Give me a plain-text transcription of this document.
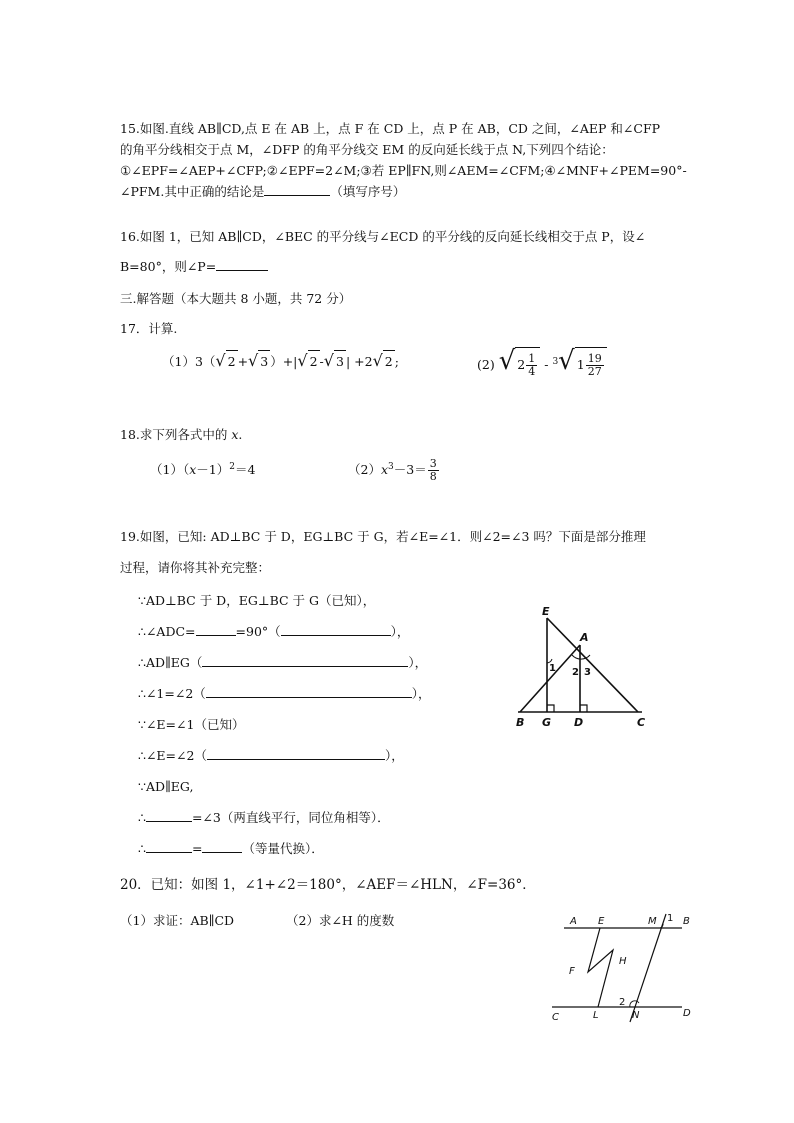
15.如图.直线 AB∥CD,点 E 在 AB 上，点 F 在 CD 上，点 P 在 AB，CD 之间，∠AEP 和∠CFP
的角平分线相交于点 M，∠DFP 的角平分线交 EM 的反向延长线于点 N,下列四个结论：
①∠EPF=∠AEP+∠CFP;②∠EPF=2∠M;③若 EP∥FN,则∠AEM=∠CFM;④∠MNF+∠PEM=90°-
∠PFM.其中正确的结论是	（填写序号）
16.如图 1，已知 AB∥CD，∠BEC 的平分线与∠ECD 的平分线的反向延长线相交于点 P，设∠
B=80°，则∠P=
三.解答题（本大题共 8 小题，共 72 分）
17．计算.
（1）3（√ 2 +√ 3 ）+|√ 2 -√ 3 | +2√ 2 ;	(2) √ $2 \frac{1}{4} - ^3√$ $1 \frac{19}{27}$
18.求下列各式中的 x.
$(1)(x-1)^2=4$	$(2)x^3-3= \frac{3}{8}$
19.如图，已知: AD⊥BC 于 D，EG⊥BC 于 G，若∠E=∠1．则∠2=∠3 吗？下面是部分推理
过程，请你将其补充完整：
∵AD⊥BC 于 D，EG⊥BC 于 G（已知），
∴∠ADC=	=90°（	），
∴AD∥EG（	），
∴∠1=∠2（	），
∵∠E=∠1（已知）
∴∠E=∠2（	），
∵AD∥EG,
∴	=∠3（两直线平行，同位角相等）．
∴	=	（等量代换）．
E
A
B G D	C
1 2 3
20．已知：如图 1，∠1+∠2＝180°，∠AEF＝∠HLN，∠F=36°．
（1）求证：AB∥CD	（2）求∠H 的度数	A E	M 1 B
F
H
2
C	L	N	D
